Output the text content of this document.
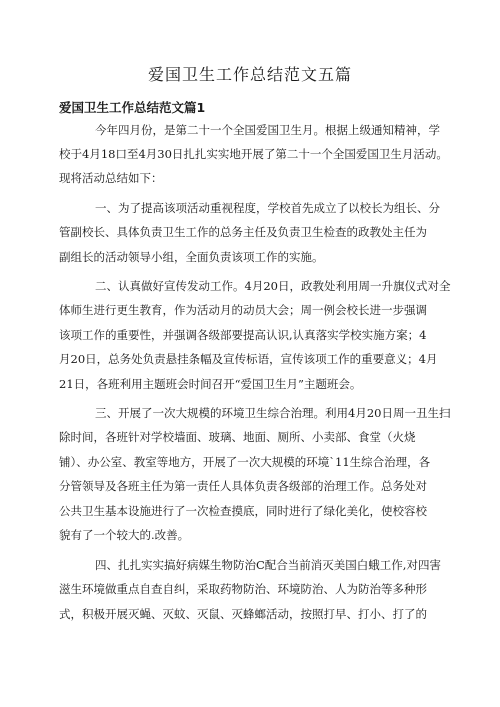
爱国卫生工作总结范文五篇
爱国卫生工作总结范文篇1

今年四月份，是第二十一个全国爱国卫生月。根据上级通知精神，学

校于4月18口至4月30日扎扎实实地开展了第二十一个全国爱国卫生月活动。

现将活动总结如下：

一、为了提高该项活动重视程度，学校首先成立了以校长为组长、分

管副校长、具体负责卫生工作的总务主任及负责卫生检查的政教处主任为

副组长的活动领导小组，全面负责该项工作的实施。

二、认真做好宣传发动工作。4月20日，政教处利用周一升旗仪式对全

体师生进行更生教育，作为活动月的动员大会；周一例会校长进一步强调

该项工作的重要性，并强调各级部要提高认识,认真落实学校实施方案；4

月20日，总务处负责悬挂条幅及宣传标语，宣传该项工作的重要意义；4月

21日，各班利用主题班会时间召开“爱国卫生月”主题班会。

三、开展了一次大规模的环境卫生综合治理。利用4月20日周一丑生扫

除时间，各班针对学校墙面、玻璃、地面、厕所、小卖部、食堂（火烧

铺）、办公室、教室等地方，开展了一次大规模的环境`11生综合治理，各

分管领导及各班主任为第一责任人具体负责各级部的治理工作。总务处对

公共卫生基本设施进行了一次检查摸底，同时进行了绿化美化，使校容校

貌有了一个较大的.改善。

四、扎扎实实搞好病媒生物防治C配合当前消灭美国白蛾工作,对四害

滋生环境做重点自查自纠，采取药物防治、环境防治、人为防治等多种形

式，积极开展灭蝇、灭蚊、灭鼠、灭蜂螂活动，按照打早、打小、打了的
